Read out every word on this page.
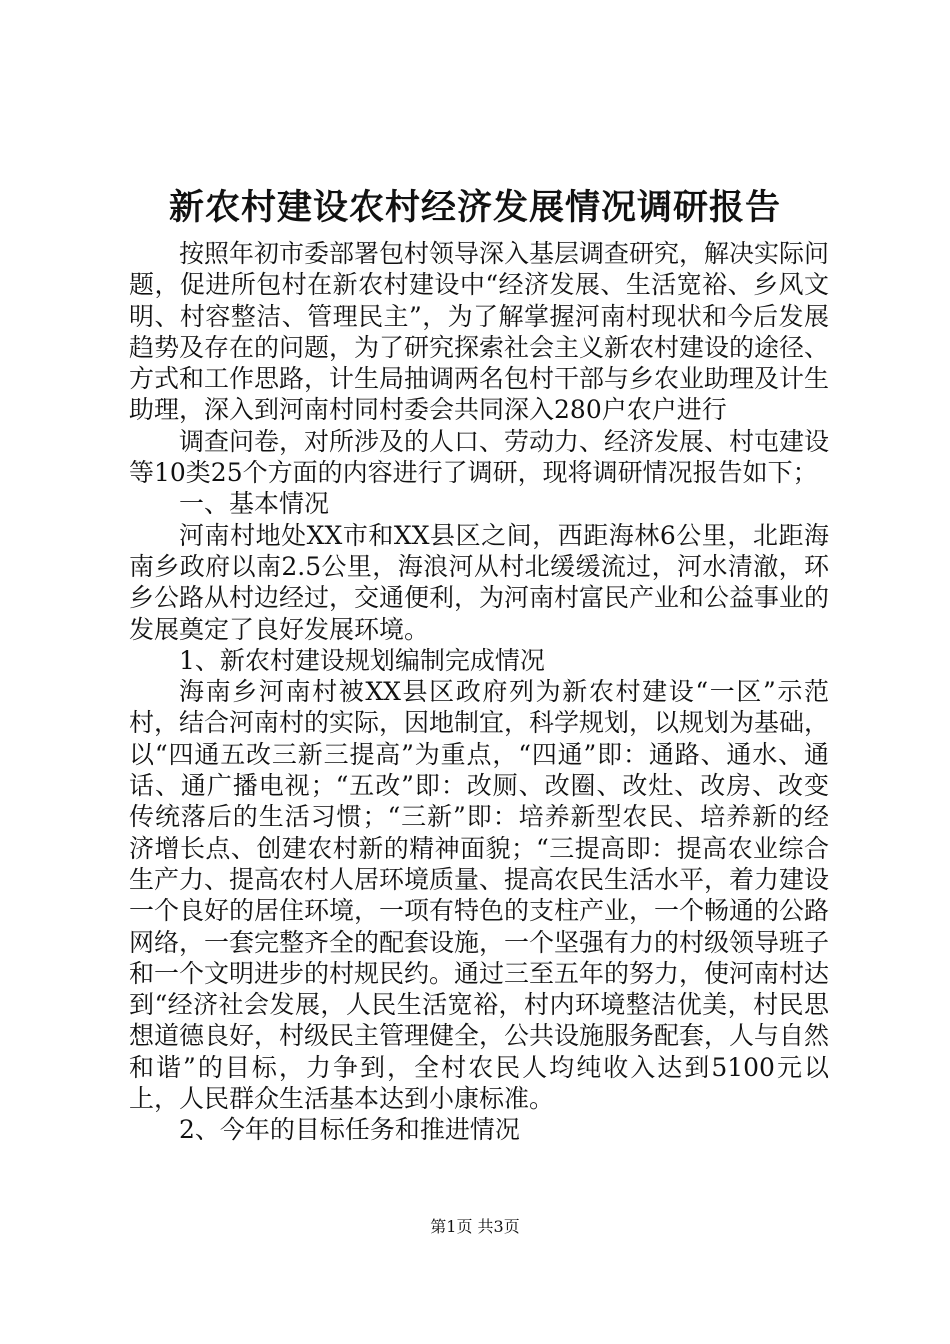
新农村建设农村经济发展情况调研报告

按照年初市委部署包村领导深入基层调查研究，解决实际问题，促进所包村在新农村建设中“经济发展、生活宽裕、乡风文明、村容整洁、管理民主”，为了解掌握河南村现状和今后发展趋势及存在的问题，为了研究探索社会主义新农村建设的途径、方式和工作思路，计生局抽调两名包村干部与乡农业助理及计生助理，深入到河南村同村委会共同深入280户农户进行

调查问卷，对所涉及的人口、劳动力、经济发展、村屯建设等10类25个方面的内容进行了调研，现将调研情况报告如下；

一、基本情况

河南村地处XX市和XX县区之间，西距海林6公里，北距海南乡政府以南2.5公里，海浪河从村北缓缓流过，河水清澈，环乡公路从村边经过，交通便利，为河南村富民产业和公益事业的发展奠定了良好发展环境。

1、新农村建设规划编制完成情况

海南乡河南村被XX县区政府列为新农村建设“一区”示范村，结合河南村的实际，因地制宜，科学规划，以规划为基础，以“四通五改三新三提高”为重点，“四通”即：通路、通水、通话、通广播电视；“五改”即：改厕、改圈、改灶、改房、改变传统落后的生活习惯；“三新”即：培养新型农民、培养新的经济增长点、创建农村新的精神面貌；“三提高即：提高农业综合生产力、提高农村人居环境质量、提高农民生活水平，着力建设一个良好的居住环境，一项有特色的支柱产业，一个畅通的公路网络，一套完整齐全的配套设施，一个坚强有力的村级领导班子和一个文明进步的村规民约。通过三至五年的努力，使河南村达到“经济社会发展，人民生活宽裕，村内环境整洁优美，村民思想道德良好，村级民主管理健全，公共设施服务配套，人与自然和谐”的目标，力争到，全村农民人均纯收入达到5100元以上，人民群众生活基本达到小康标准。

2、今年的目标任务和推进情况

第1页 共3页
